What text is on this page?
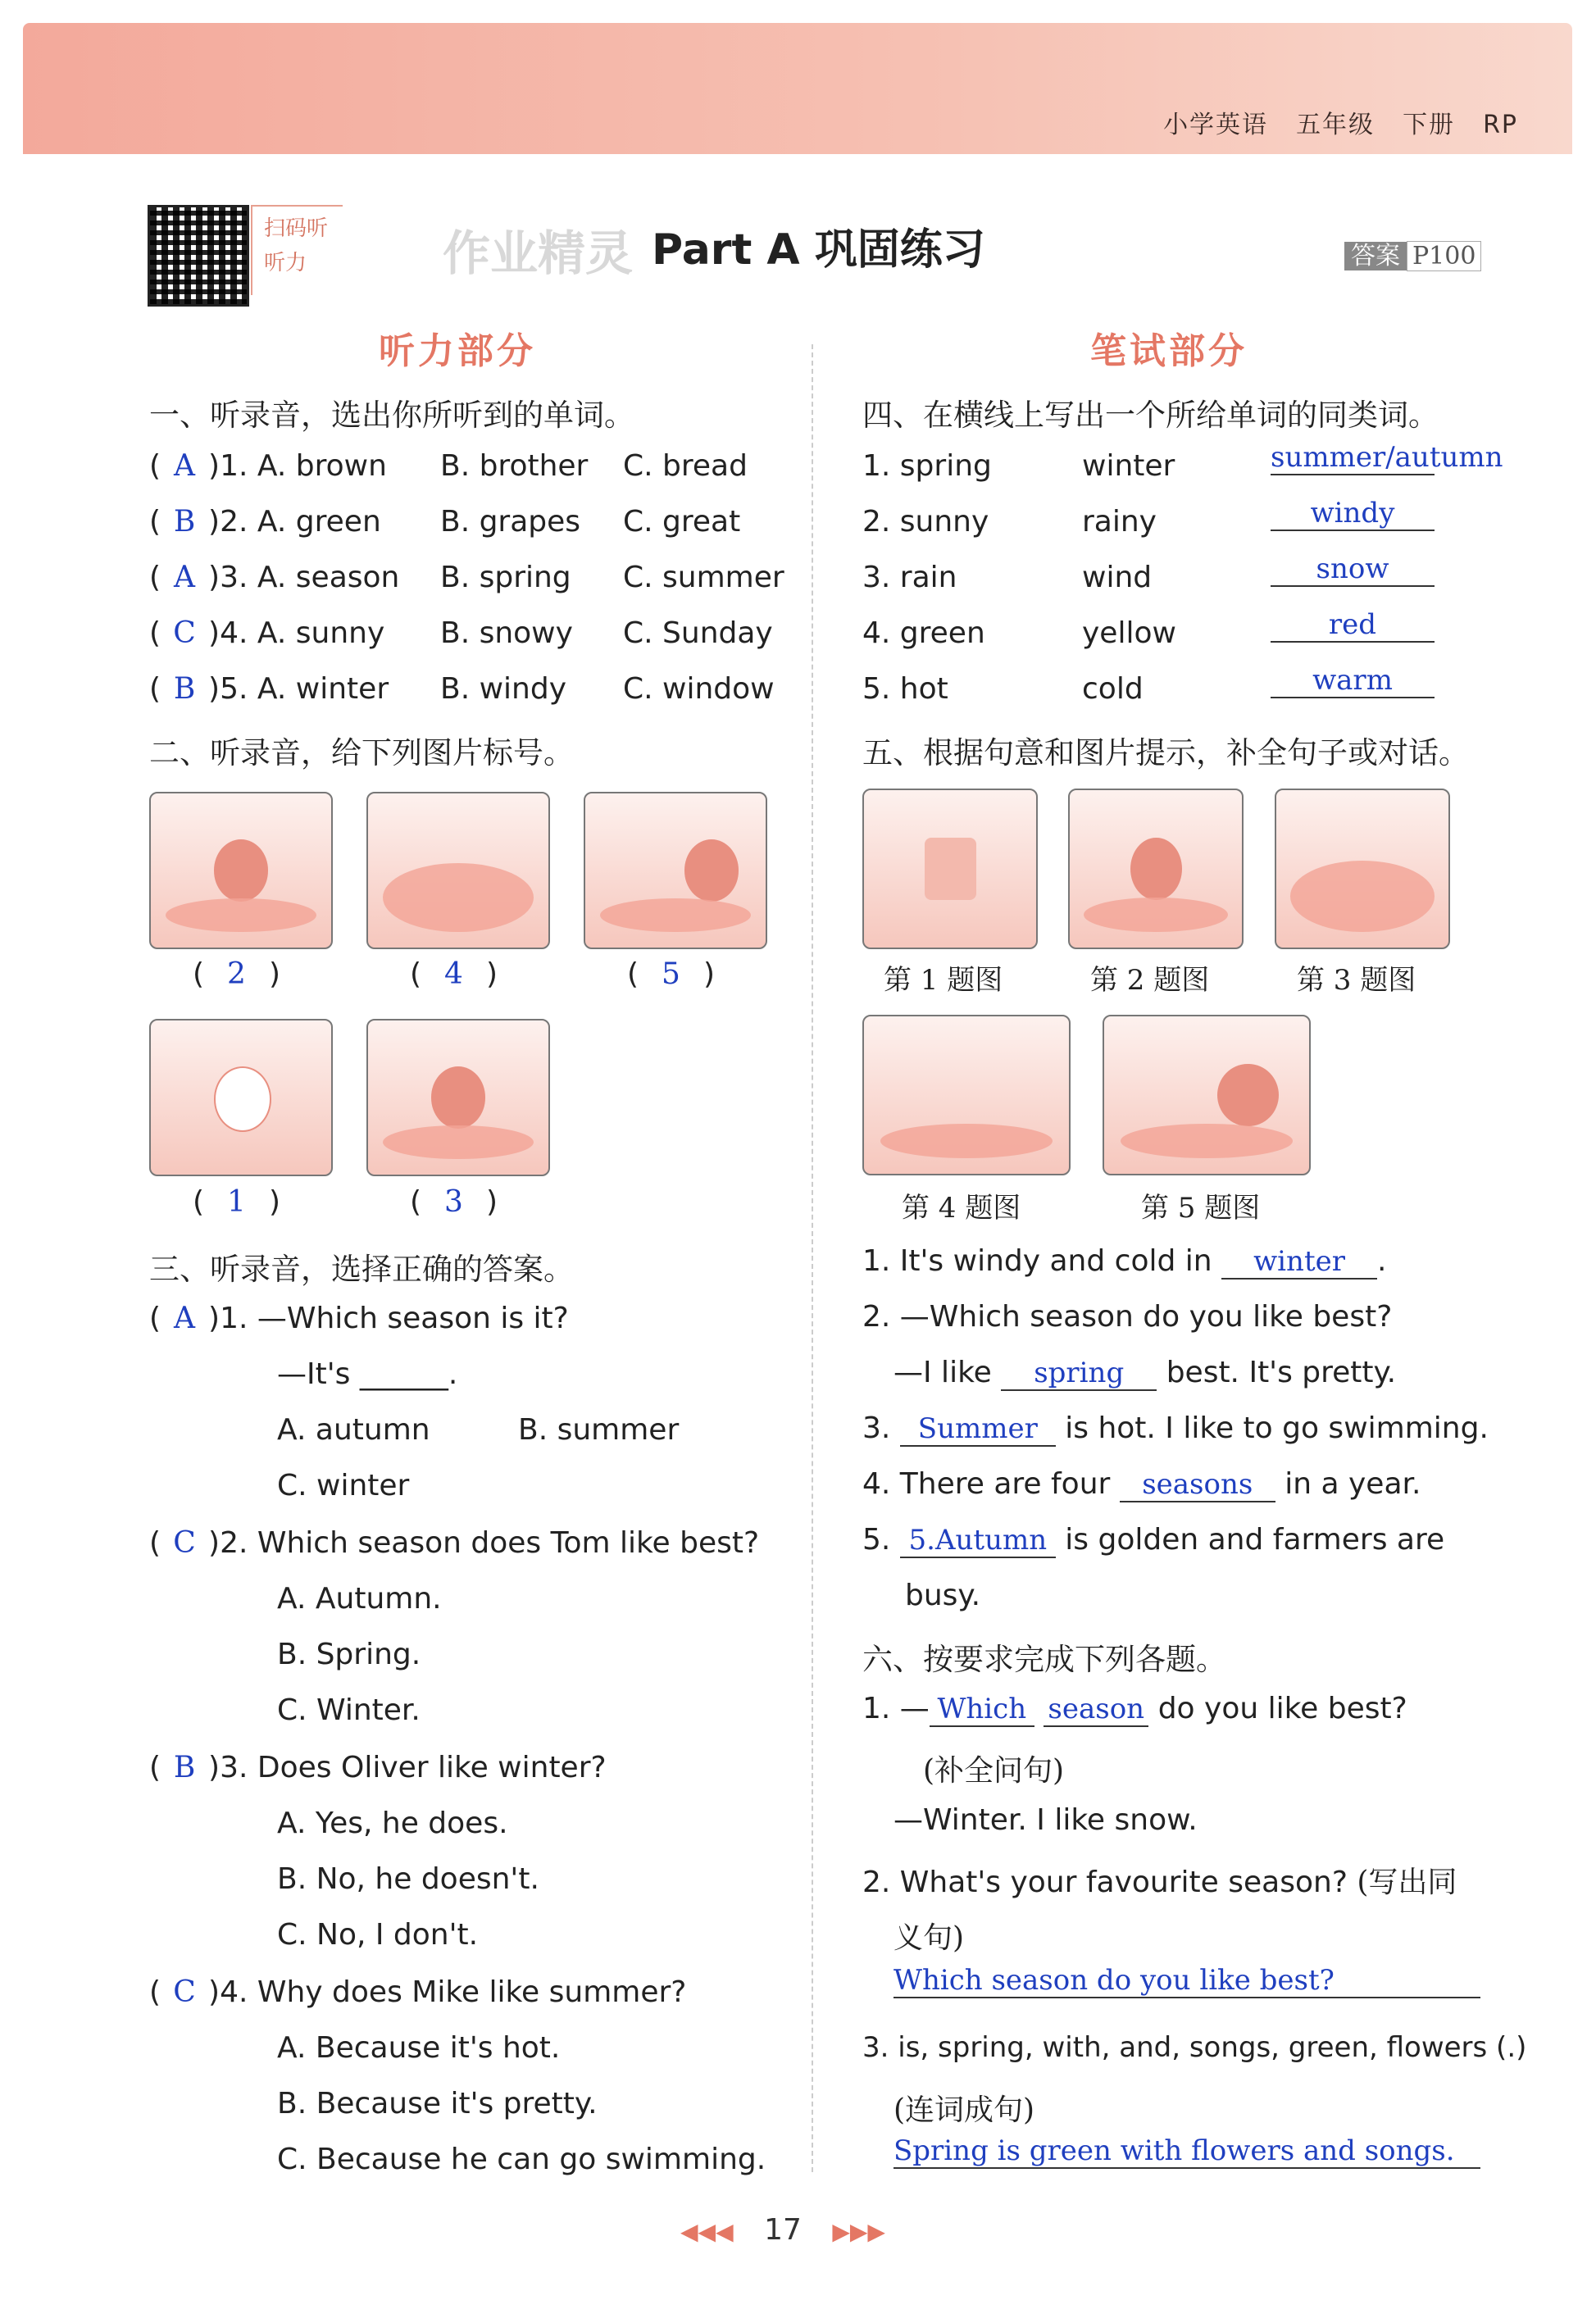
小学英语 五年级 下册 RP
扫码听听力	作业精灵 Part A 巩固练习	答案 P100
听力部分	笔试部分
一、听录音，选出你所听到的单词。
( A )1. A. brown B. brother C. bread
( B )2. A. green B. grapes C. great
( A )3. A. season B. spring C. summer
( C )4. A. sunny B. snowy C. Sunday
( B )5. A. winter B. windy C. window
二、听录音，给下列图片标号。
( 2 )	( 4 )	( 5 )
( 1 )	( 3 )
三、听录音，选择正确的答案。
( A )1. —Which season is it?
—It's ______.
A. autumn	B. summer
C. winter
( C )2. Which season does Tom like best?
A. Autumn.
B. Spring.
C. Winter.
( B )3. Does Oliver like winter?
A. Yes, he does.
B. No, he doesn't.
C. No, I don't.
( C )4. Why does Mike like summer?
A. Because it's hot.
B. Because it's pretty.
C. Because he can go swimming.
四、在横线上写出一个所给单词的同类词。
1. spring	winter	summer/autumn
2. sunny	rainy	windy
3. rain	wind	snow
4. green	yellow	red
5. hot	cold	warm
五、根据句意和图片提示，补全句子或对话。
第 1 题图	第 2 题图	第 3 题图
第 4 题图	第 5 题图
1. It's windy and cold in winter .
2. —Which season do you like best?
—I like spring best. It's pretty.
3. Summer is hot. I like to go swimming.
4. There are four seasons in a year.
5. 5.Autumn is golden and farmers are
busy.
六、按要求完成下列各题。
1. — Which season do you like best?
(补全问句)
—Winter. I like snow.
2. What's your favourite season? (写出同
义句)
Which season do you like best?
3. is, spring, with, and, songs, green, flowers (.)
(连词成句)
Spring is green with flowers and songs.
◀◀◀ 17 ▶▶▶
